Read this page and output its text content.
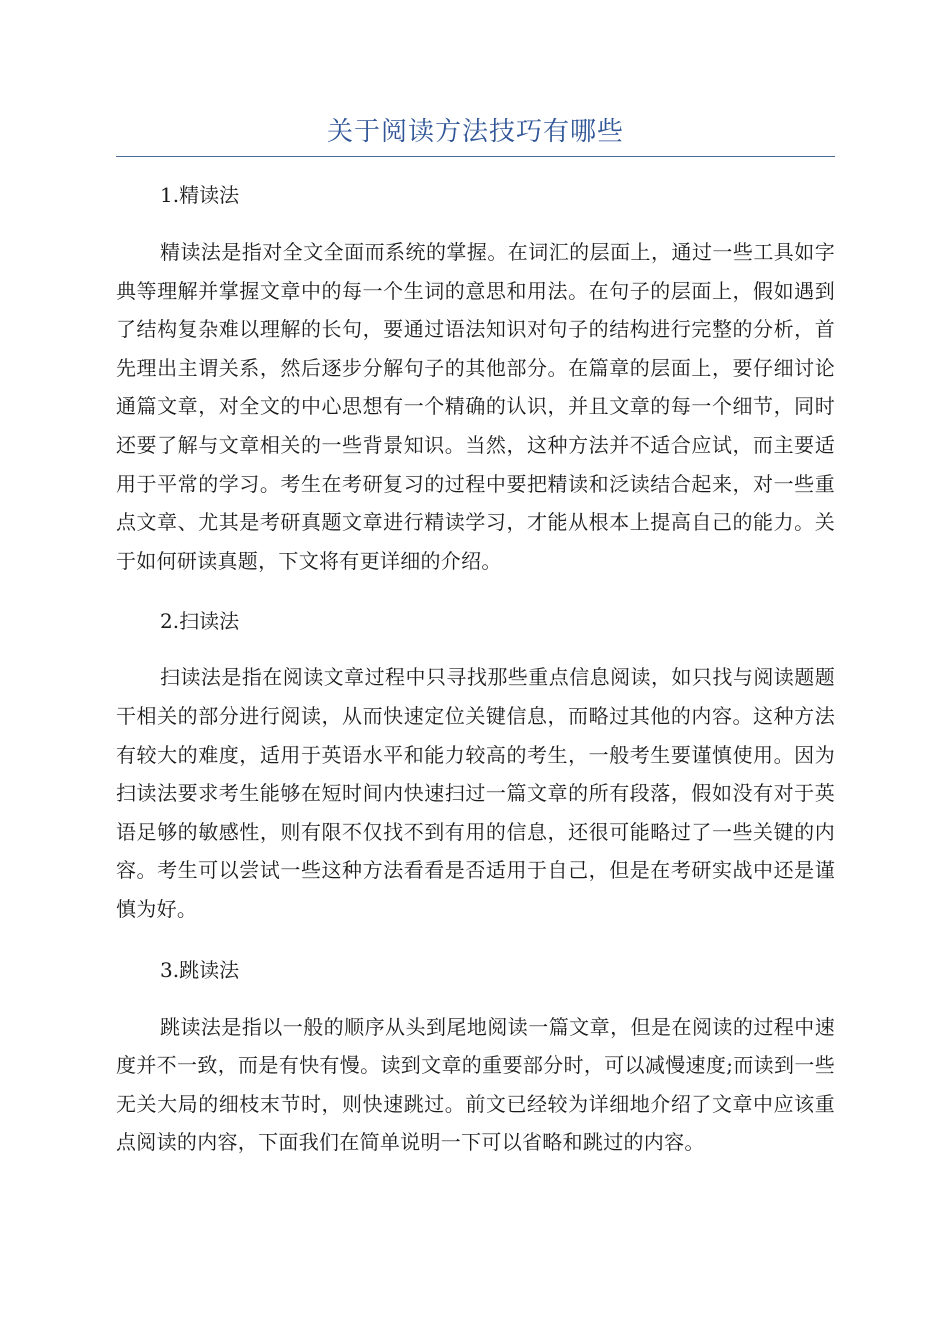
关于阅读方法技巧有哪些

1.精读法

精读法是指对全文全面而系统的掌握。在词汇的层面上，通过一些工具如字典等理解并掌握文章中的每一个生词的意思和用法。在句子的层面上，假如遇到了结构复杂难以理解的长句，要通过语法知识对句子的结构进行完整的分析，首先理出主谓关系，然后逐步分解句子的其他部分。在篇章的层面上，要仔细讨论通篇文章，对全文的中心思想有一个精确的认识，并且文章的每一个细节，同时还要了解与文章相关的一些背景知识。当然，这种方法并不适合应试，而主要适用于平常的学习。考生在考研复习的过程中要把精读和泛读结合起来，对一些重点文章、尤其是考研真题文章进行精读学习，才能从根本上提高自己的能力。关于如何研读真题，下文将有更详细的介绍。

2.扫读法

扫读法是指在阅读文章过程中只寻找那些重点信息阅读，如只找与阅读题题干相关的部分进行阅读，从而快速定位关键信息，而略过其他的内容。这种方法有较大的难度，适用于英语水平和能力较高的考生，一般考生要谨慎使用。因为扫读法要求考生能够在短时间内快速扫过一篇文章的所有段落，假如没有对于英语足够的敏感性，则有限不仅找不到有用的信息，还很可能略过了一些关键的内容。考生可以尝试一些这种方法看看是否适用于自己，但是在考研实战中还是谨慎为好。

3.跳读法

跳读法是指以一般的顺序从头到尾地阅读一篇文章，但是在阅读的过程中速度并不一致，而是有快有慢。读到文章的重要部分时，可以减慢速度;而读到一些无关大局的细枝末节时，则快速跳过。前文已经较为详细地介绍了文章中应该重点阅读的内容，下面我们在简单说明一下可以省略和跳过的内容。
